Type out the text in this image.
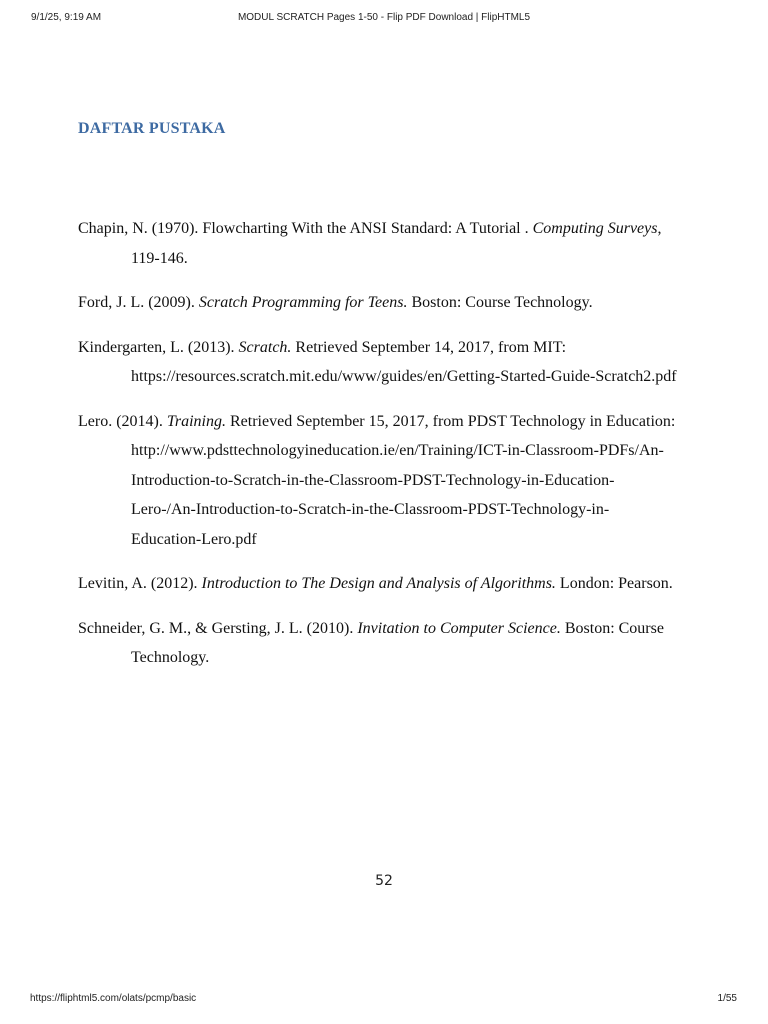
9/1/25, 9:19 AM	MODUL SCRATCH Pages 1-50 - Flip PDF Download | FlipHTML5
DAFTAR PUSTAKA

Chapin, N. (1970). Flowcharting With the ANSI Standard: A Tutorial . Computing Surveys, 119-146.

Ford, J. L. (2009). Scratch Programming for Teens. Boston: Course Technology.

Kindergarten, L. (2013). Scratch. Retrieved September 14, 2017, from MIT: https://resources.scratch.mit.edu/www/guides/en/Getting-Started-Guide-Scratch2.pdf

Lero. (2014). Training. Retrieved September 15, 2017, from PDST Technology in Education: http://www.pdsttechnologyineducation.ie/en/Training/ICT-in-Classroom-PDFs/An-Introduction-to-Scratch-in-the-Classroom-PDST-Technology-in-Education-Lero-/An-Introduction-to-Scratch-in-the-Classroom-PDST-Technology-in-Education-Lero.pdf

Levitin, A. (2012). Introduction to The Design and Analysis of Algorithms. London: Pearson.

Schneider, G. M., & Gersting, J. L. (2010). Invitation to Computer Science. Boston: Course Technology.

52
https://fliphtml5.com/olats/pcmp/basic	1/55
